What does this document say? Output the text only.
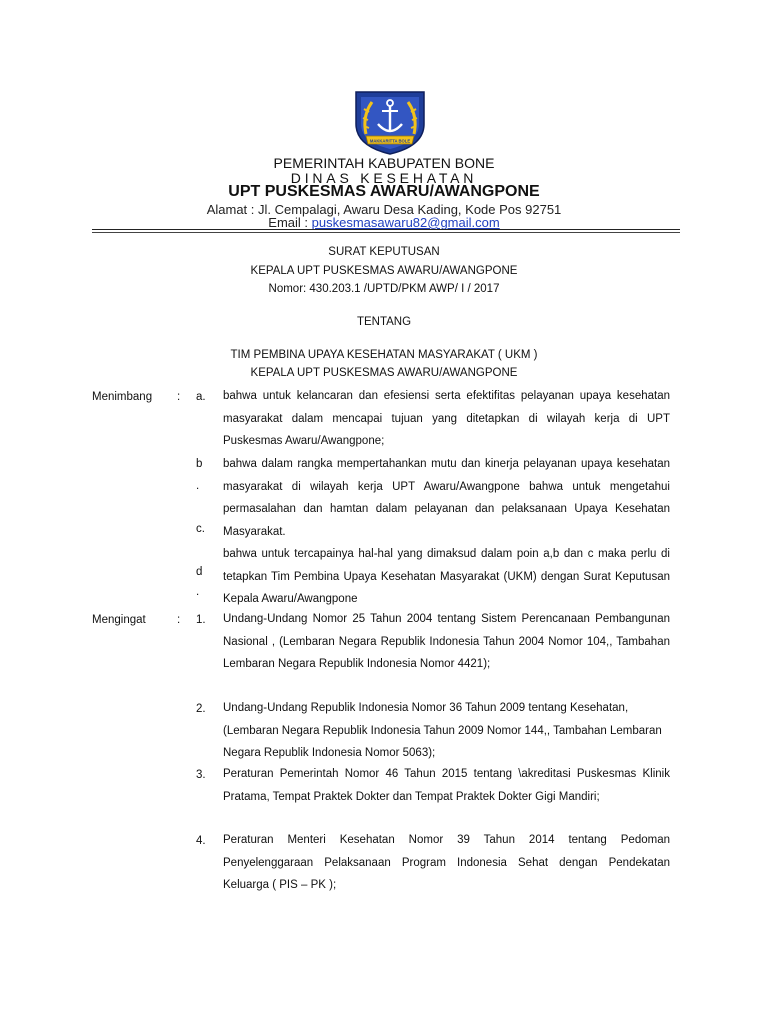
MAKKARITTA BOLE
PEMERINTAH KABUPATEN BONE
DINAS KESEHATAN
UPT PUSKESMAS AWARU/AWANGPONE
Alamat : Jl. Cempalagi, Awaru Desa Kading, Kode Pos 92751
Email : puskesmasawaru82@gmail.com
SURAT KEPUTUSAN
KEPALA UPT PUSKESMAS AWARU/AWANGPONE
Nomor: 430.203.1 /UPTD/PKM AWP/ I / 2017
TENTANG
TIM PEMBINA UPAYA KESEHATAN MASYARAKAT ( UKM )
KEPALA UPT PUSKESMAS AWARU/AWANGPONE
Menimbang : a.
b
.
c.
d
.
bahwa untuk kelancaran dan efesiensi serta efektifitas pelayanan upaya kesehatan masyarakat dalam mencapai tujuan yang ditetapkan di wilayah kerja di UPT Puskesmas Awaru/Awangpone;
bahwa dalam rangka mempertahankan mutu dan kinerja pelayanan upaya kesehatan masyarakat di wilayah kerja UPT Awaru/Awangpone bahwa untuk mengetahui permasalahan dan hamtan dalam pelayanan dan pelaksanaan Upaya Kesehatan Masyarakat.
bahwa untuk tercapainya hal-hal yang dimaksud dalam poin a,b dan c maka perlu di tetapkan Tim Pembina Upaya Kesehatan Masyarakat (UKM) dengan Surat Keputusan Kepala Awaru/Awangpone
Mengingat	: 1. Undang-Undang Nomor 25 Tahun 2004 tentang Sistem Perencanaan Pembangunan Nasional , (Lembaran Negara Republik Indonesia Tahun 2004 Nomor 104,, Tambahan Lembaran Negara Republik Indonesia Nomor 4421);
2. Undang-Undang Republik Indonesia Nomor 36 Tahun 2009 tentang Kesehatan, (Lembaran Negara Republik Indonesia Tahun 2009 Nomor 144,, Tambahan Lembaran Negara Republik Indonesia Nomor 5063);
3. Peraturan Pemerintah Nomor 46 Tahun 2015 tentang \akreditasi Puskesmas Klinik Pratama, Tempat Praktek Dokter dan Tempat Praktek Dokter Gigi Mandiri;
4. Peraturan Menteri Kesehatan Nomor 39 Tahun 2014 tentang Pedoman Penyelenggaraan Pelaksanaan Program Indonesia Sehat dengan Pendekatan Keluarga ( PIS – PK );
